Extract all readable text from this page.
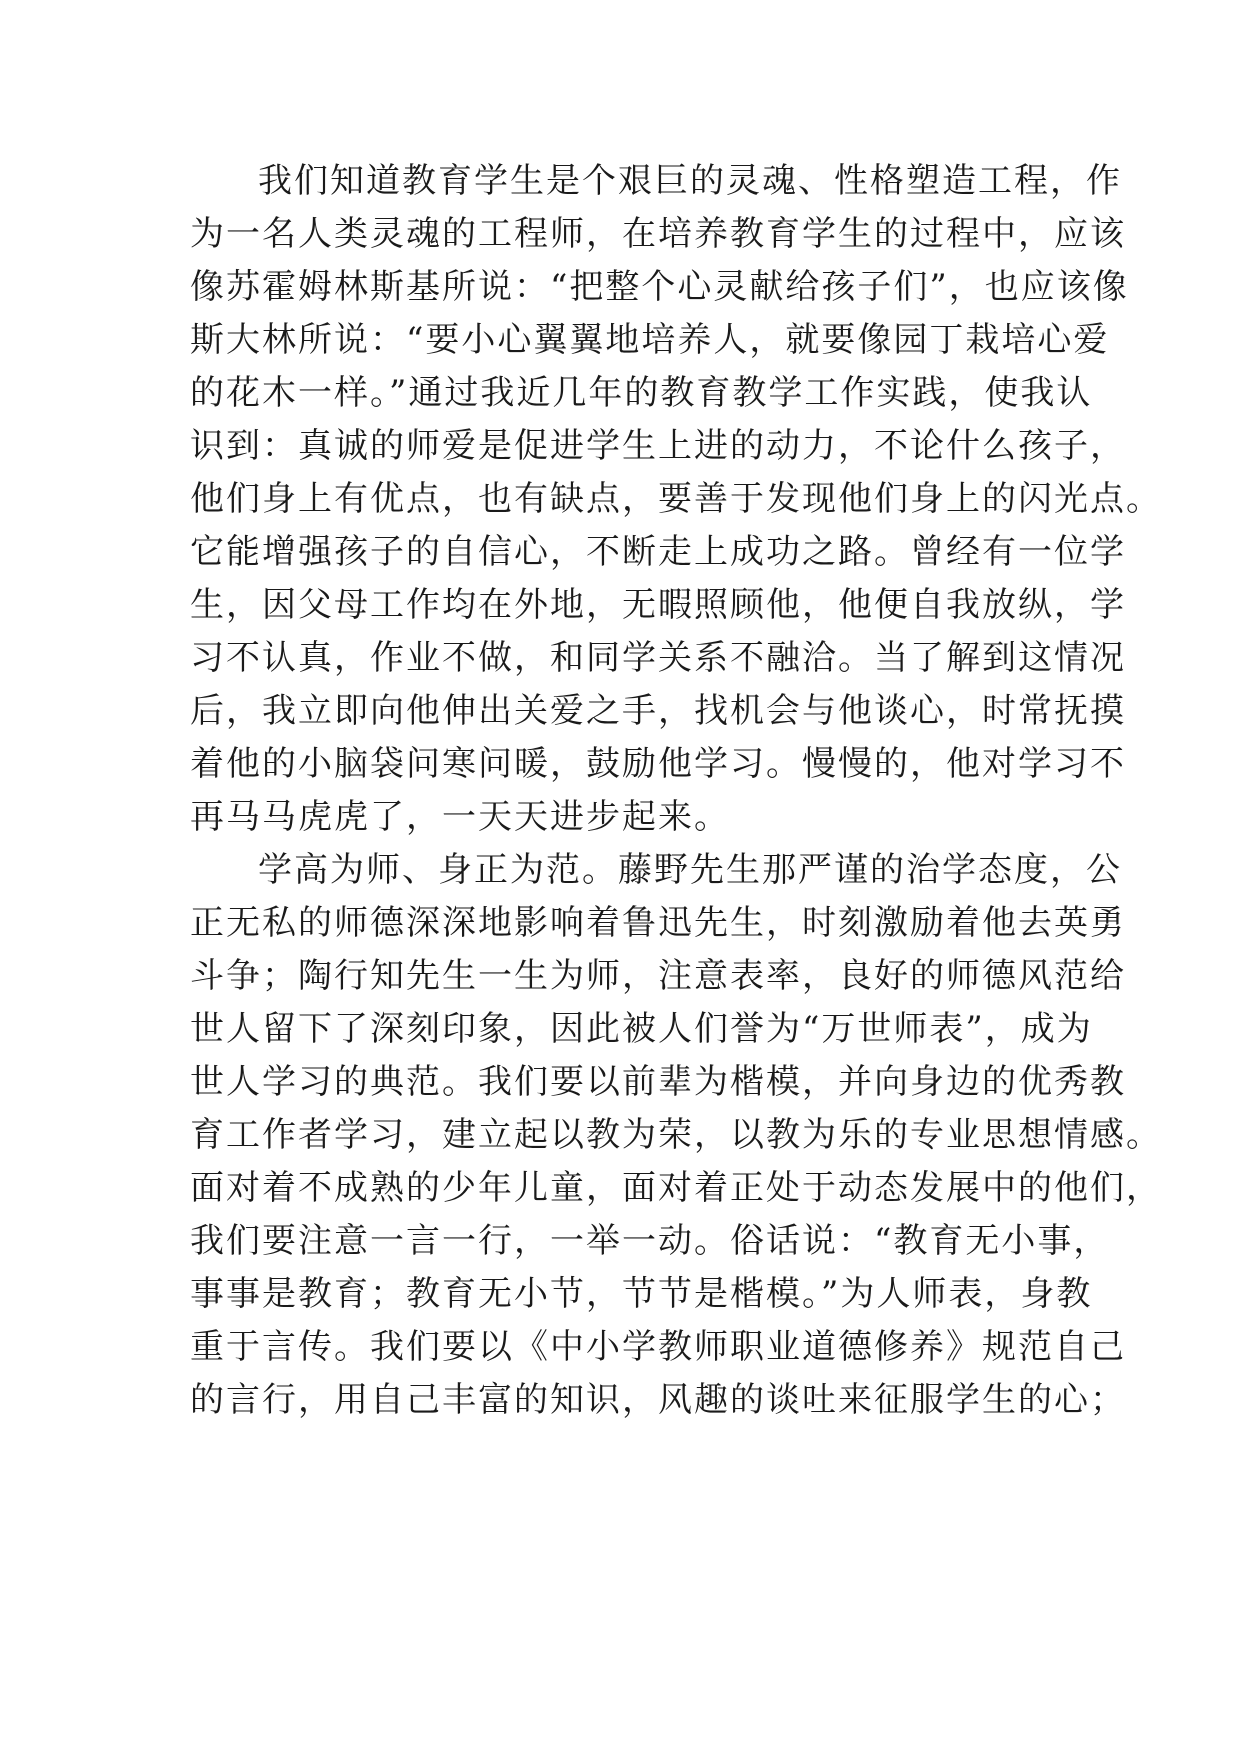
我们知道教育学生是个艰巨的灵魂、性格塑造工程，作
为一名人类灵魂的工程师，在培养教育学生的过程中，应该
像苏霍姆林斯基所说：“把整个心灵献给孩子们”，也应该像
斯大林所说：“要小心翼翼地培养人，就要像园丁栽培心爱
的花木一样。”通过我近几年的教育教学工作实践，使我认
识到：真诚的师爱是促进学生上进的动力，不论什么孩子，
他们身上有优点，也有缺点，要善于发现他们身上的闪光点。
它能增强孩子的自信心，不断走上成功之路。曾经有一位学
生，因父母工作均在外地，无暇照顾他，他便自我放纵，学
习不认真，作业不做，和同学关系不融洽。当了解到这情况
后，我立即向他伸出关爱之手，找机会与他谈心，时常抚摸
着他的小脑袋问寒问暖，鼓励他学习。慢慢的，他对学习不
再马马虎虎了，一天天进步起来。
学高为师、身正为范。藤野先生那严谨的治学态度，公
正无私的师德深深地影响着鲁迅先生，时刻激励着他去英勇
斗争；陶行知先生一生为师，注意表率，良好的师德风范给
世人留下了深刻印象，因此被人们誉为“万世师表”，成为
世人学习的典范。我们要以前辈为楷模，并向身边的优秀教
育工作者学习，建立起以教为荣，以教为乐的专业思想情感。
面对着不成熟的少年儿童，面对着正处于动态发展中的他们，
我们要注意一言一行，一举一动。俗话说：“教育无小事，
事事是教育；教育无小节，节节是楷模。”为人师表，身教
重于言传。我们要以《中小学教师职业道德修养》规范自己
的言行，用自己丰富的知识，风趣的谈吐来征服学生的心；
